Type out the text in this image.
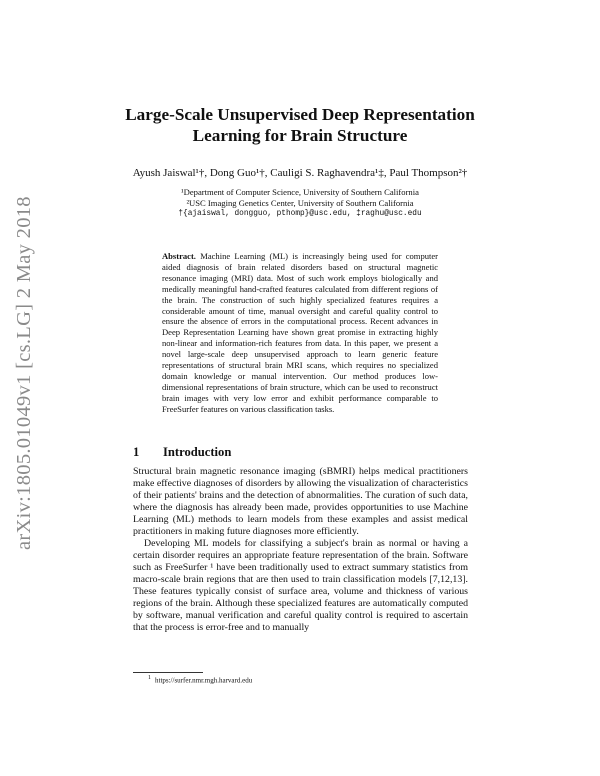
arXiv:1805.01049v1 [cs.LG] 2 May 2018
Large-Scale Unsupervised Deep Representation
Learning for Brain Structure
Ayush Jaiswal¹†, Dong Guo¹†, Cauligi S. Raghavendra¹‡, Paul Thompson²†
¹Department of Computer Science, University of Southern California
²USC Imaging Genetics Center, University of Southern California
†{ajaiswal, dongguo, pthomp}@usc.edu, ‡raghu@usc.edu
Abstract. Machine Learning (ML) is increasingly being used for computer aided diagnosis of brain related disorders based on structural magnetic resonance imaging (MRI) data. Most of such work employs biologically and medically meaningful hand-crafted features calculated from different regions of the brain. The construction of such highly specialized features requires a considerable amount of time, manual oversight and careful quality control to ensure the absence of errors in the computational process. Recent advances in Deep Representation Learning have shown great promise in extracting highly non-linear and information-rich features from data. In this paper, we present a novel large-scale deep unsupervised approach to learn generic feature representations of structural brain MRI scans, which requires no specialized domain knowledge or manual intervention. Our method produces low-dimensional representations of brain structure, which can be used to reconstruct brain images with very low error and exhibit performance comparable to FreeSurfer features on various classification tasks.
1 Introduction

Structural brain magnetic resonance imaging (sBMRI) helps medical practitioners make effective diagnoses of disorders by allowing the visualization of characteristics of their patients' brains and the detection of abnormalities. The curation of such data, where the diagnosis has already been made, provides opportunities to use Machine Learning (ML) methods to learn models from these examples and assist medical practitioners in making future diagnoses more efficiently.

Developing ML models for classifying a subject's brain as normal or having a certain disorder requires an appropriate feature representation of the brain. Software such as FreeSurfer ¹ have been traditionally used to extract summary statistics from macro-scale brain regions that are then used to train classification models [7,12,13]. These features typically consist of surface area, volume and thickness of various regions of the brain. Although these specialized features are automatically computed by software, manual verification and careful quality control is required to ascertain that the process is error-free and to manually

$^1$ https://surfer.nmr.mgh.harvard.edu
